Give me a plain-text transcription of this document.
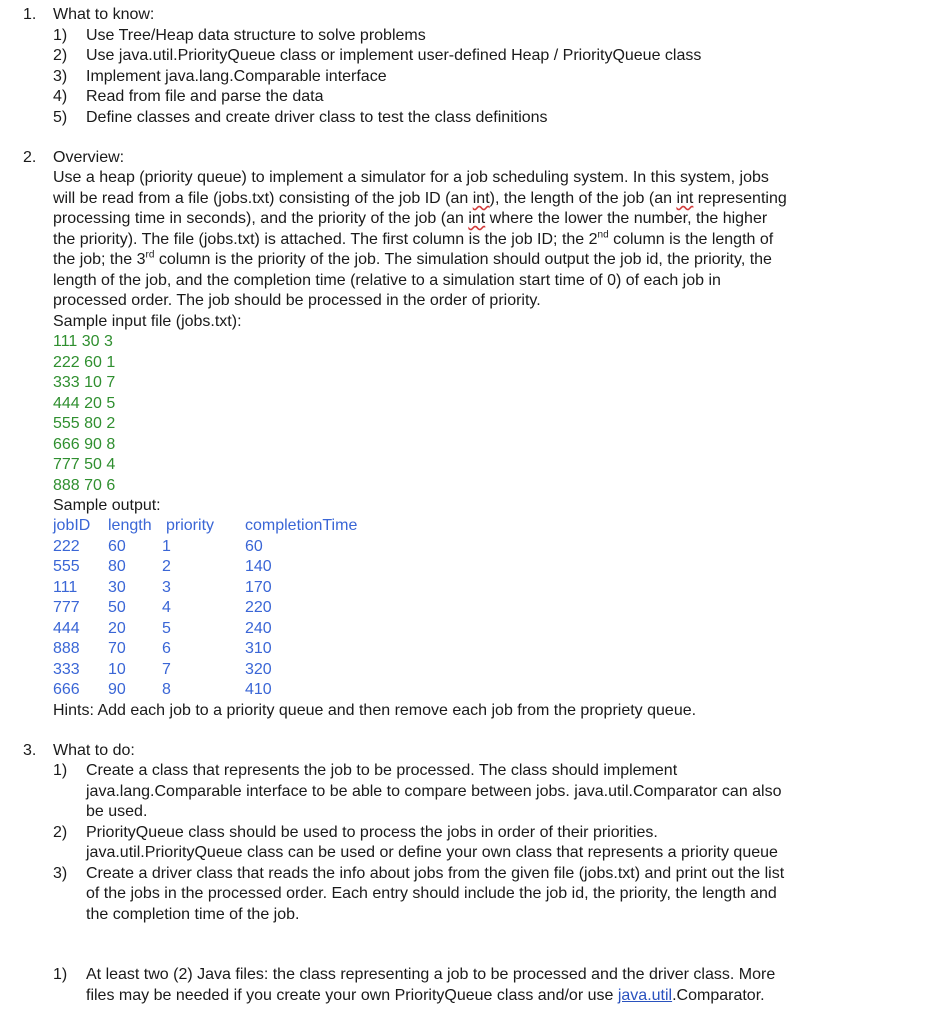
1. What to know:
1) Use Tree/Heap data structure to solve problems
2) Use java.util.PriorityQueue class or implement user-defined Heap / PriorityQueue class
3) Implement java.lang.Comparable interface
4) Read from file and parse the data
5) Define classes and create driver class to test the class definitions
2. Overview:
Use a heap (priority queue) to implement a simulator for a job scheduling system. In this system, jobs
will be read from a file (jobs.txt) consisting of the job ID (an int), the length of the job (an int representing
processing time in seconds), and the priority of the job (an int where the lower the number, the higher
the priority). The file (jobs.txt) is attached. The first column is the job ID; the 2nd column is the length of
the job; the 3rd column is the priority of the job. The simulation should output the job id, the priority, the
length of the job, and the completion time (relative to a simulation start time of 0) of each job in
processed order. The job should be processed in the order of priority.
Sample input file (jobs.txt):
111 30 3
222 60 1
333 10 7
444 20 5
555 80 2
666 90 8
777 50 4
888 70 6
Sample output:
jobID length priority completionTime
222 60 1	60
555 80 2	140
111 30 3	170
777 50 4	220
444 20 5	240
888 70 6	310
333 10 7	320
666 90 8	410
Hints: Add each job to a priority queue and then remove each job from the propriety queue.
3. What to do:
1) Create a class that represents the job to be processed. The class should implement
java.lang.Comparable interface to be able to compare between jobs. java.util.Comparator can also
be used.
2) PriorityQueue class should be used to process the jobs in order of their priorities.
java.util.PriorityQueue class can be used or define your own class that represents a priority queue
3) Create a driver class that reads the info about jobs from the given file (jobs.txt) and print out the list
of the jobs in the processed order. Each entry should include the job id, the priority, the length and
the completion time of the job.
1) At least two (2) Java files: the class representing a job to be processed and the driver class. More
files may be needed if you create your own PriorityQueue class and/or use java.util.Comparator.
